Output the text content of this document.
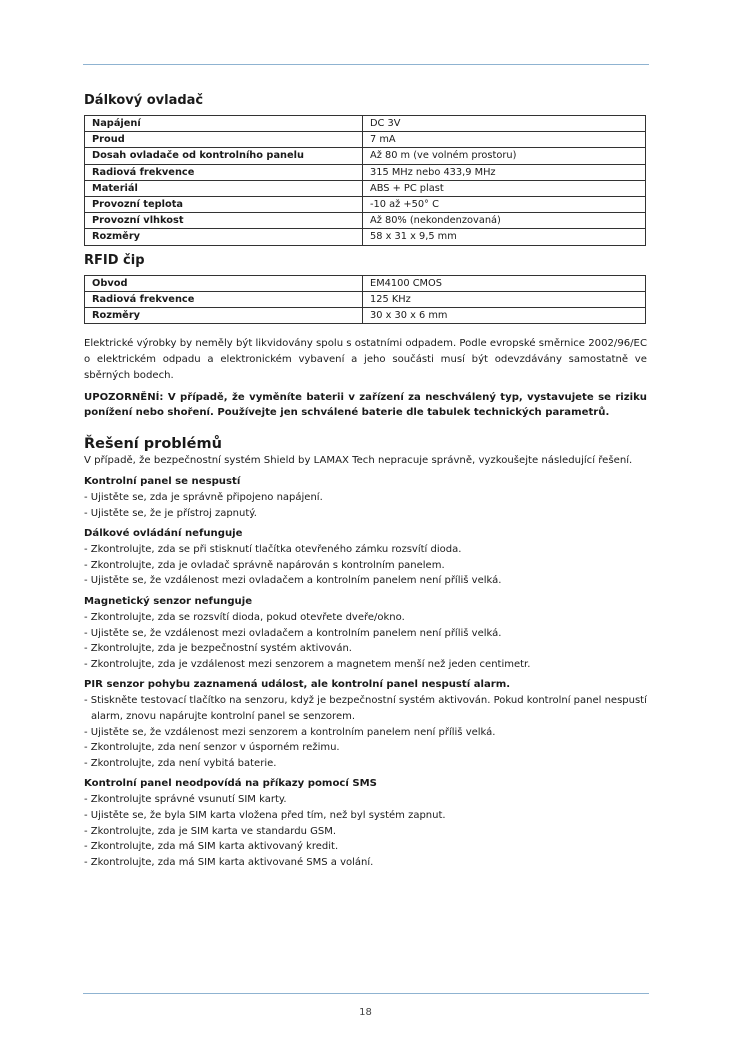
Dálkový ovladač
Napájení	DC 3V
Proud	7 mA
Dosah ovladače od kontrolního panelu	Až 80 m (ve volném prostoru)
Radiová frekvence	315 MHz nebo 433,9 MHz
Materiál	ABS + PC plast
Provozní teplota	-10 až +50° C
Provozní vlhkost	Až 80% (nekondenzovaná)
Rozměry	58 x 31 x 9,5 mm
RFID čip
Obvod	EM4100 CMOS
Radiová frekvence	125 KHz
Rozměry	30 x 30 x 6 mm

Elektrické výrobky by neměly být likvidovány spolu s ostatními odpadem. Podle evropské směrnice 2002/96/EC o elektrickém odpadu a elektronickém vybavení a jeho součásti musí být odevzdávány samostatně ve sběrných bodech.

UPOZORNĚNÍ: V případě, že vyměníte baterii v zařízení za neschválený typ, vystavujete se riziku ponížení nebo shoření. Používejte jen schválené baterie dle tabulek technických parametrů.

Řešení problémů

V případě, že bezpečnostní systém Shield by LAMAX Tech nepracuje správně, vyzkoušejte následující řešení.

Kontrolní panel se nespustí
- Ujistěte se, zda je správně připojeno napájení.
- Ujistěte se, že je přístroj zapnutý.
Dálkové ovládání nefunguje
- Zkontrolujte, zda se při stisknutí tlačítka otevřeného zámku rozsvítí dioda.
- Zkontrolujte, zda je ovladač správně napárován s kontrolním panelem.
- Ujistěte se, že vzdálenost mezi ovladačem a kontrolním panelem není příliš velká.
Magnetický senzor nefunguje
- Zkontrolujte, zda se rozsvítí dioda, pokud otevřete dveře/okno.
- Ujistěte se, že vzdálenost mezi ovladačem a kontrolním panelem není příliš velká.
- Zkontrolujte, zda je bezpečnostní systém aktivován.
- Zkontrolujte, zda je vzdálenost mezi senzorem a magnetem menší než jeden centimetr.
PIR senzor pohybu zaznamená událost, ale kontrolní panel nespustí alarm.
- Stiskněte testovací tlačítko na senzoru, když je bezpečnostní systém aktivován. Pokud kontrolní panel nespustí alarm, znovu napárujte kontrolní panel se senzorem.
- Ujistěte se, že vzdálenost mezi senzorem a kontrolním panelem není příliš velká.
- Zkontrolujte, zda není senzor v úsporném režimu.
- Zkontrolujte, zda není vybitá baterie.
Kontrolní panel neodpovídá na příkazy pomocí SMS
- Zkontrolujte správné vsunutí SIM karty.
- Ujistěte se, že byla SIM karta vložena před tím, než byl systém zapnut.
- Zkontrolujte, zda je SIM karta ve standardu GSM.
- Zkontrolujte, zda má SIM karta aktivovaný kredit.
- Zkontrolujte, zda má SIM karta aktivované SMS a volání.
18
